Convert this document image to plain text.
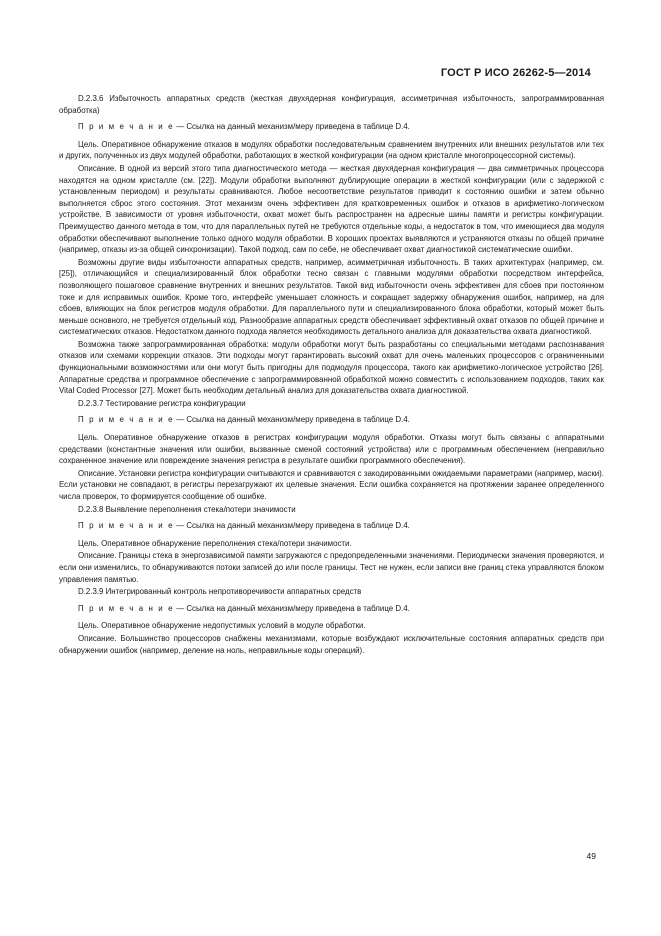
ГОСТ Р ИСО 26262-5—2014

D.2.3.6 Избыточность аппаратных средств (жесткая двухядерная конфигурация, ассиметричная избыточность, запрограммированная обработка)

П р и м е ч а н и е — Ссылка на данный механизм/меру приведена в таблице D.4.

Цель. Оперативное обнаружение отказов в модулях обработки последовательным сравнением внутренних или внешних результатов или тех и других, полученных из двух модулей обработки, работающих в жесткой конфигурации (на одном кристалле многопроцессорной системы).

Описание. В одной из версий этого типа диагностического метода — жесткая двухядерная конфигурация — два симметричных процессора находятся на одном кристалле (см. [22]). Модули обработки выполняют дублирующие операции в жесткой конфигурации (или с задержкой с установленным периодом) и результаты сравниваются. Любое несоответствие результатов приводит к состоянию ошибки и затем обычно выполняется сброс этого состояния. Этот механизм очень эффективен для кратковременных ошибок и отказов в арифметико-логическом устройстве. В зависимости от уровня избыточности, охват может быть распространен на адресные шины памяти и регистры конфигурации. Преимущество данного метода в том, что для параллельных путей не требуются отдельные коды, а недостаток в том, что имеющиеся два модуля обработки обеспечивают выполнение только одного модуля обработки. В хороших проектах выявляются и устраняются отказы по общей причине (например, отказы из-за общей синхронизации). Такой подход, сам по себе, не обеспечивает охват диагностикой систематические ошибки.

Возможны другие виды избыточности аппаратных средств, например, асимметричная избыточность. В таких архитектурах (например, см. [25]), отличающийся и специализированный блок обработки тесно связан с главными модулями обработки посредством интерфейса, позволяющего пошаговое сравнение внутренних и внешних результатов. Такой вид избыточности очень эффективен для сбоев при постоянном токе и для исправимых ошибок. Кроме того, интерфейс уменьшает сложность и сокращает задержку обнаружения ошибок, например, на для сбоев, влияющих на блок регистров модуля обработки. Для параллельного пути и специализированного блока обработки, который может быть меньше основного, не требуется отдельный код. Разнообразие аппаратных средств обеспечивает эффективный охват отказов по общей причине и систематических отказов. Недостатком данного подхода является необходимость детального анализа для доказательства охвата диагностикой.

Возможна также запрограммированная обработка: модули обработки могут быть разработаны со специальными методами распознавания отказов или схемами коррекции отказов. Эти подходы могут гарантировать высокий охват для очень маленьких процессоров с ограниченными функциональными возможностями или они могут быть пригодны для подмодуля процессора, такого как арифметико-логическое устройство [26]. Аппаратные средства и программное обеспечение с запрограммированной обработкой можно совместить с использованием подходов, таких как Vital Coded Processor [27]. Может быть необходим детальный анализ для доказательства охвата диагностикой.

D.2.3.7 Тестирование регистра конфигурации

П р и м е ч а н и е — Ссылка на данный механизм/меру приведена в таблице D.4.

Цель. Оперативное обнаружение отказов в регистрах конфигурации модуля обработки. Отказы могут быть связаны с аппаратными средствами (константные значения или ошибки, вызванные сменой состояний устройства) или с программным обеспечением (неправильно сохраненное значение или повреждение значения регистра в результате ошибки программного обеспечения).

Описание. Установки регистра конфигурации считываются и сравниваются с закодированными ожидаемыми параметрами (например, маски). Если установки не совпадают, в регистры перезагружают их целевые значения. Если ошибка сохраняется на протяжении заранее определенного числа проверок, то формируется сообщение об ошибке.

D.2.3.8 Выявление переполнения стека/потери значимости

П р и м е ч а н и е — Ссылка на данный механизм/меру приведена в таблице D.4.

Цель. Оперативное обнаружение переполнения стека/потери значимости.

Описание. Границы стека в энергозависимой памяти загружаются с предопределенными значениями. Периодически значения проверяются, и если они изменились, то обнаруживаются потоки записей до или после границы. Тест не нужен, если записи вне границ стека управляются блоком управления памятью.

D.2.3.9 Интегрированный контроль непротиворечивости аппаратных средств

П р и м е ч а н и е — Ссылка на данный механизм/меру приведена в таблице D.4.

Цель. Оперативное обнаружение недопустимых условий в модуле обработки.

Описание. Большинство процессоров снабжены механизмами, которые возбуждают исключительные состояния аппаратных средств при обнаружении ошибок (например, деление на ноль, неправильные коды операций).

49
